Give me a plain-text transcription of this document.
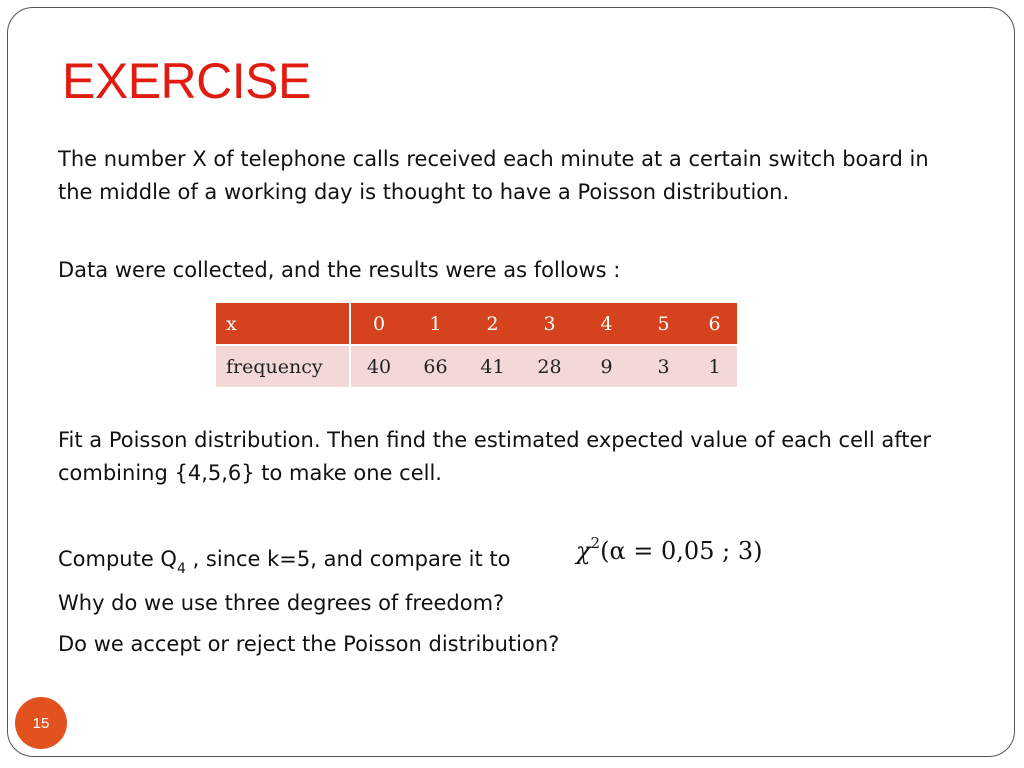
EXERCISE

The number X of telephone calls received each minute at a certain switch board in the middle of a working day is thought to have a Poisson distribution.

Data were collected, and the results were as follows :

x	0	1	2	3	4	5	6
frequency	40	66	41	28	9	3	1

Fit a Poisson distribution. Then find the estimated expected value of each cell after combining {4,5,6} to make one cell.

Compute $Q_4$ , since k=5, and compare it to	$\chi^2(\alpha = 0,05$ ; 3)

Why do we use three degrees of freedom?

Do we accept or reject the Poisson distribution?

15
